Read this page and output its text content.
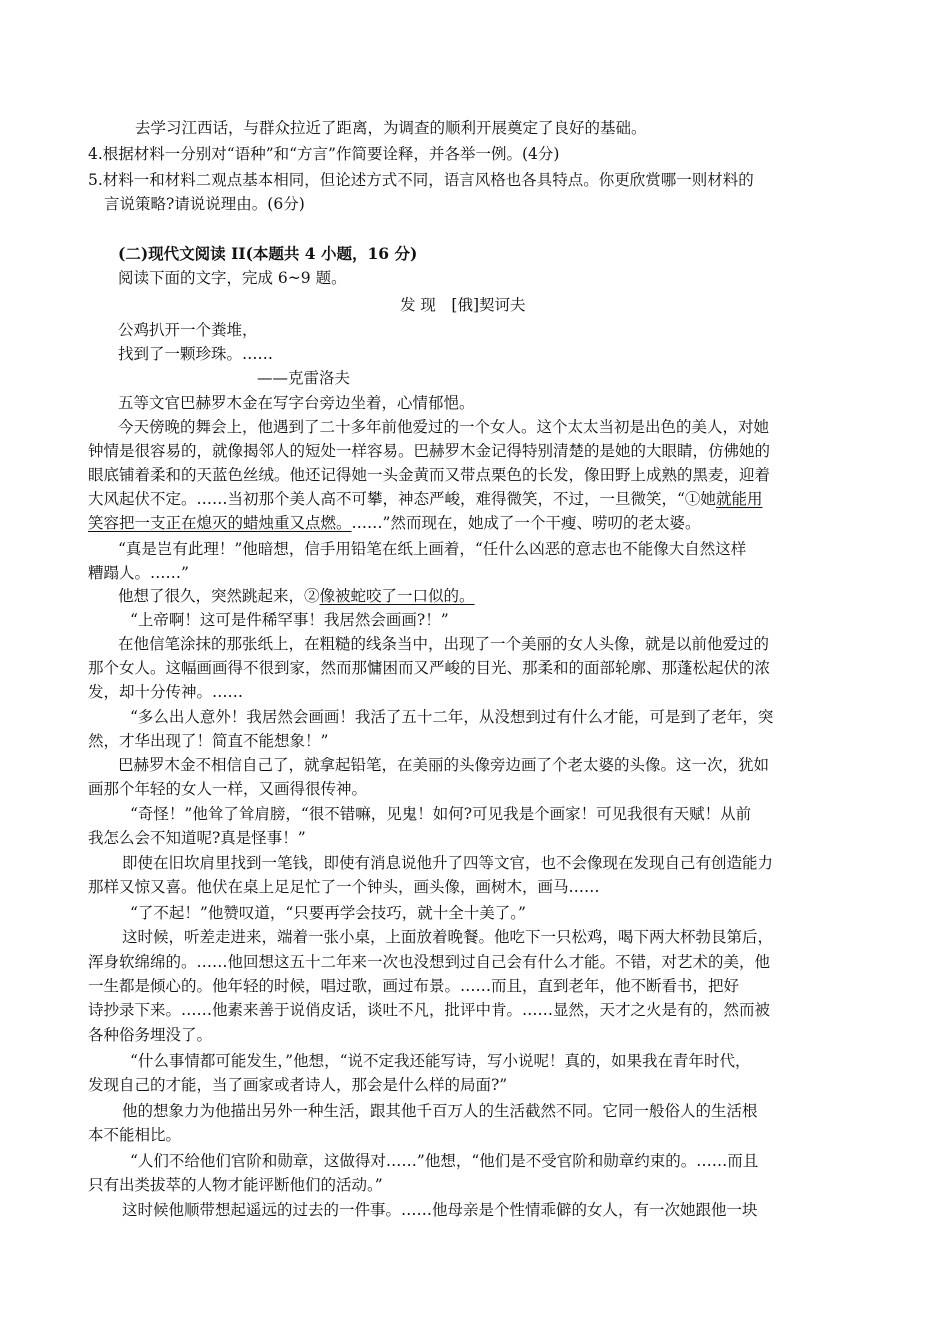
去学习江西话，与群众拉近了距离，为调查的顺利开展奠定了良好的基础。
4.根据材料一分别对“语种”和“方言”作简要诠释，并各举一例。(4分)
5.材料一和材料二观点基本相同，但论述方式不同，语言风格也各具特点。你更欣赏哪一则材料的
言说策略?请说说理由。(6分)
(二)现代文阅读 II(本题共 4 小题，16 分)
阅读下面的文字，完成 6~9 题。
发 现　[俄]契诃夫
公鸡扒开一个粪堆，
找到了一颗珍珠。……
——克雷洛夫
五等文官巴赫罗木金在写字台旁边坐着，心情郁悒。
今天傍晚的舞会上，他遇到了二十多年前他爱过的一个女人。这个太太当初是出色的美人，对她
钟情是很容易的，就像揭邻人的短处一样容易。巴赫罗木金记得特别清楚的是她的大眼睛，仿佛她的
眼底铺着柔和的天蓝色丝绒。他还记得她一头金黄而又带点栗色的长发，像田野上成熟的黑麦，迎着
大风起伏不定。……当初那个美人高不可攀，神态严峻，难得微笑，不过，一旦微笑，“①她就能用
笑容把一支正在熄灭的蜡烛重又点燃。……”然而现在，她成了一个干瘦、唠叨的老太婆。
“真是岂有此理！”他暗想，信手用铅笔在纸上画着，“任什么凶恶的意志也不能像大自然这样
糟蹋人。……”
他想了很久，突然跳起来，②像被蛇咬了一口似的。
“上帝啊！这可是件稀罕事！我居然会画画?！”
在他信笔涂抹的那张纸上，在粗糙的线条当中，出现了一个美丽的女人头像，就是以前他爱过的
那个女人。这幅画画得不很到家，然而那慵困而又严峻的目光、那柔和的面部轮廓、那蓬松起伏的浓
发，却十分传神。……
“多么出人意外！我居然会画画！我活了五十二年，从没想到过有什么才能，可是到了老年，突
然，才华出现了！简直不能想象！”
巴赫罗木金不相信自己了，就拿起铅笔，在美丽的头像旁边画了个老太婆的头像。这一次，犹如
画那个年轻的女人一样，又画得很传神。
“奇怪！”他耸了耸肩膀，“很不错嘛，见鬼！如何?可见我是个画家！可见我很有天赋！从前
我怎么会不知道呢?真是怪事！”
即使在旧坎肩里找到一笔钱，即使有消息说他升了四等文官，也不会像现在发现自己有创造能力
那样又惊又喜。他伏在桌上足足忙了一个钟头，画头像，画树木，画马……
“了不起！”他赞叹道，“只要再学会技巧，就十全十美了。”
这时候，听差走进来，端着一张小桌，上面放着晚餐。他吃下一只松鸡，喝下两大杯勃艮第后，
浑身软绵绵的。……他回想这五十二年来一次也没想到过自己会有什么才能。不错，对艺术的美，他
一生都是倾心的。他年轻的时候，唱过歌，画过布景。……而且，直到老年，他不断看书，把好
诗抄录下来。……他素来善于说俏皮话，谈吐不凡，批评中肯。……显然，天才之火是有的，然而被
各种俗务埋没了。
“什么事情都可能发生，”他想，“说不定我还能写诗，写小说呢！真的，如果我在青年时代，
发现自己的才能，当了画家或者诗人，那会是什么样的局面?”
他的想象力为他描出另外一种生活，跟其他千百万人的生活截然不同。它同一般俗人的生活根
本不能相比。
“人们不给他们官阶和勋章，这做得对……”他想，“他们是不受官阶和勋章约束的。……而且
只有出类拔萃的人物才能评断他们的活动。”
这时候他顺带想起遥远的过去的一件事。……他母亲是个性情乖僻的女人，有一次她跟他一块
